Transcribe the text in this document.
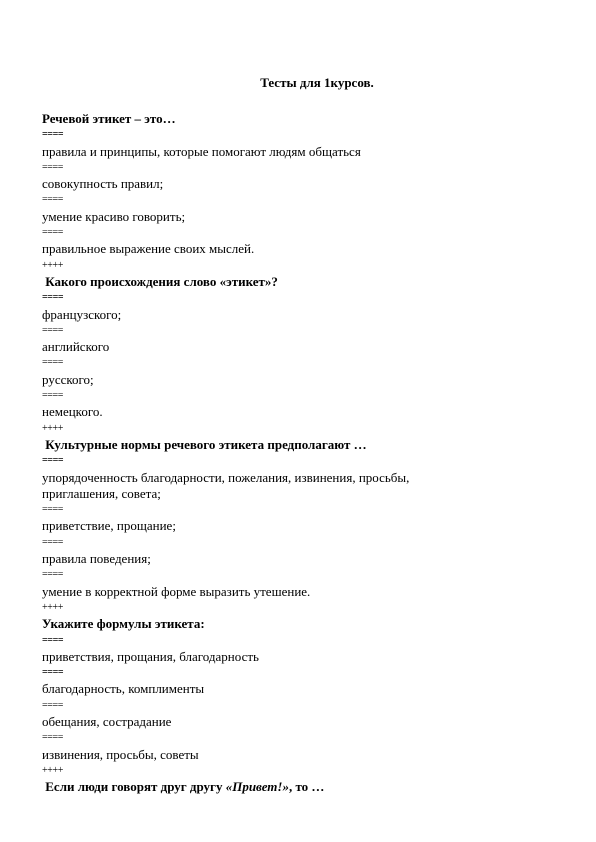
Тесты для 1курсов.
Речевой этикет – это…
====
правила и принципы, которые помогают людям общаться
====
совокупность правил;
====
умение красиво говорить;
====
правильное выражение своих мыслей.
++++
Какого происхождения слово «этикет»?
====
французского;
====
английского
====
русского;
====
немецкого.
++++
Культурные нормы речевого этикета предполагают …
====
упорядоченность благодарности, пожелания, извинения, просьбы, приглашения, совета;
====
приветствие, прощание;
====
правила поведения;
====
умение в корректной форме выразить утешение.
++++
Укажите формулы этикета:
====
приветствия, прощания, благодарность
====
благодарность, комплименты
====
обещания, сострадание
====
извинения, просьбы, советы
++++
Если люди говорят друг другу «Привет!», то …
